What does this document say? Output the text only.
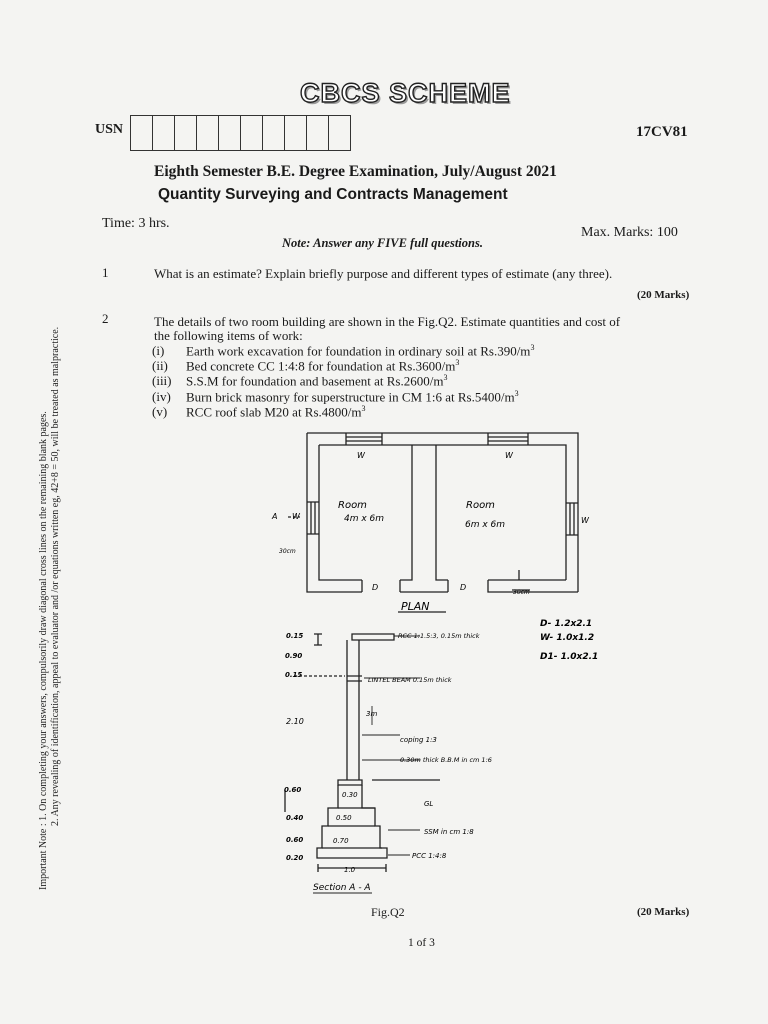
CBCS SCHEME
USN	17CV81
Eighth Semester B.E. Degree Examination, July/August 2021
Quantity Surveying and Contracts Management
Time: 3 hrs.
Max. Marks: 100
Note: Answer any FIVE full questions.
Important Note : 1. On completing your answers, compulsorily draw diagonal cross lines on the remaining blank pages. 2. Any revealing of identification, appeal to evaluator and /or equations written eg, 42+8 = 50, will be treated as malpractice.
1	What is an estimate? Explain briefly purpose and different types of estimate (any three).
(20 Marks)
2	The details of two room building are shown in the Fig.Q2. Estimate quantities and cost of
the following items of work:
(i) Earth work excavation for foundation in ordinary soil at $Rs.390/m^3$
(ii) Bed concrete CC 1:4:8 for foundation at $Rs.3600/m^3$
(iii) S.S.M for foundation and basement at $Rs.2600/m^3$
(iv) Burn brick masonry for superstructure in CM 1:6 at $Rs.5400/m^3$
(v) RCC roof slab M20 at $Rs.4800/m^3$
Room
4m x 6m
Room
6m x 6m
W	W
W	W
D	D
A
30cm
30cm
PLAN
D- 1.2x2.1
W- 1.0x1.2
D1- 1.0x2.1
0.15
0.90
0.15
2.10
0.60
0.40
0.60
0.20
0.30
0.50
0.70
1.0
RCC 1:1.5:3, 0.15m thick
LINTEL BEAM 0.15m thick
3m
coping 1:3
0.30m thick B.B.M in cm 1:6
GL
SSM in cm 1:8
PCC 1:4:8
Section A - A
Fig.Q2	(20 Marks)
1 of 3
